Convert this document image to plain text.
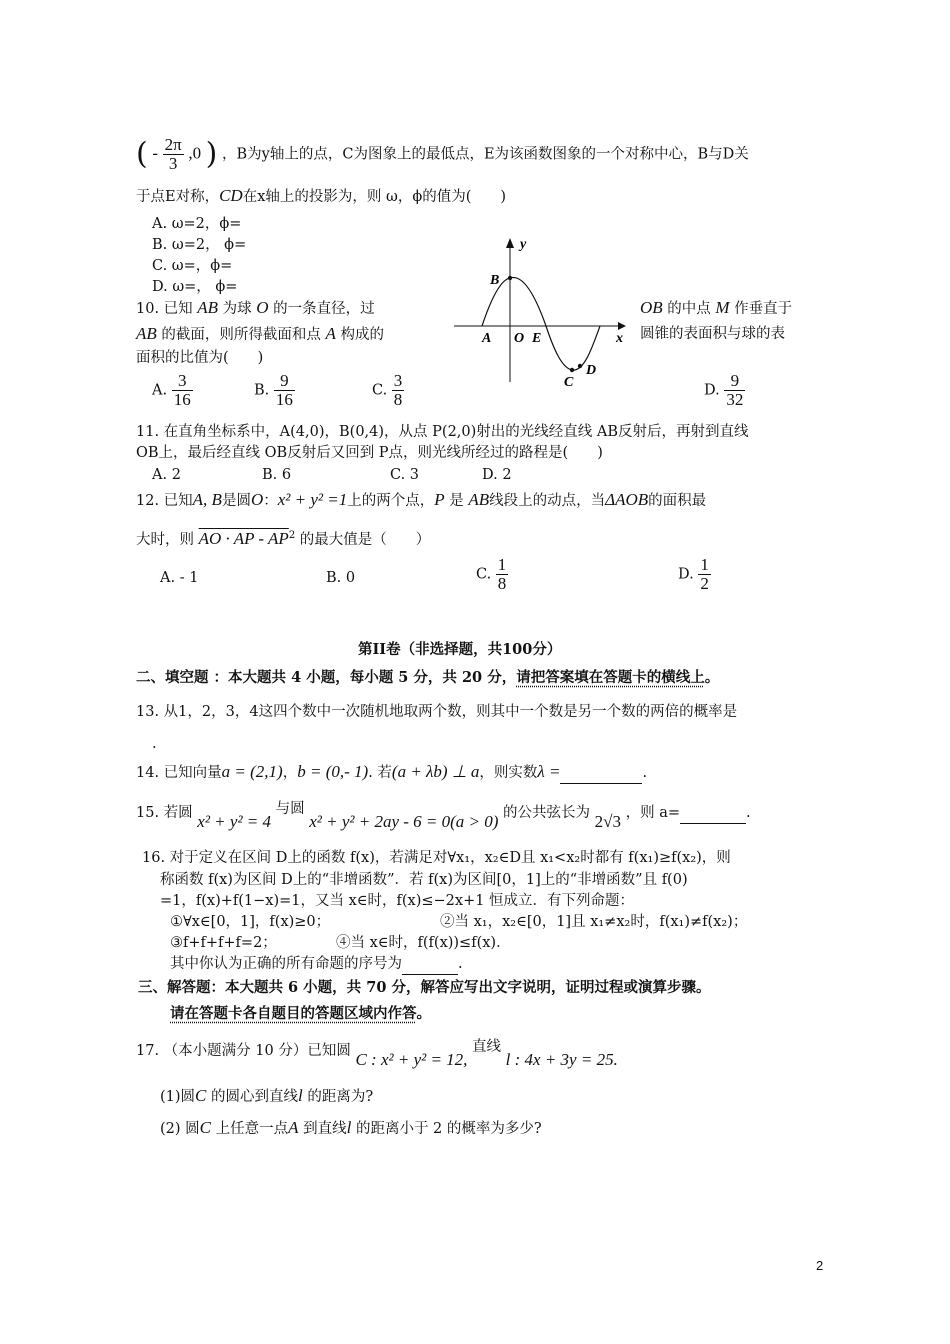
( - $\frac{2\pi}{3} ,0$ ) ，B为y轴上的点，C为图象上的最低点，E为该函数图象的一个对称中心，B与D关
于点E对称，CD在x轴上的投影为，则 ω，ϕ的值为(　　)
A. ω=2，ϕ=
B. ω=2， ϕ=
C. ω=，ϕ=
D. ω=， ϕ=
y
x
B
A O E
C
D
10. 已知 AB 为球 O 的一条直径，过	OB 的中点 M 作垂直于
AB 的截面，则所得截面和点 A 构成的	圆锥的表面积与球的表
面积的比值为(　　)
A. $\frac{3}{16}$	B. $\frac{9}{16}$	C. $\frac{3}{8}$	D. $\frac{9}{32}$
11. 在直角坐标系中，A(4,0)，B(0,4)，从点 P(2,0)射出的光线经直线 AB反射后，再射到直线
OB上，最后经直线 OB反射后又回到 P点，则光线所经过的路程是(　　)
A. 2	B. 6	C. 3	D. 2
12. 已知A, B是圆O：x² + y² =1上的两个点，P 是 AB线段上的动点，当ΔAOB的面积最
大时，则 AO · AP - $AP^2$ 的最大值是（　　）
A. - 1	B. 0	C. $\frac{1}{8}$	D. $\frac{1}{2}$
第II卷（非选择题，共100分）
二、填空题 ：本大题共 4 小题，每小题 5 分，共 20 分，请把答案填在答题卡的横线上。
13. 从1，2，3，4这四个数中一次随机地取两个数，则其中一个数是另一个数的两倍的概率是
.
14. 已知向量a = (2,1)，b = (0,- 1). 若(a + λb) ⊥ a，则实数λ =	.
15. 若圆 x² + y² = 4 与圆 x² + y² + 2ay - 6 = 0(a > 0) 的公共弦长为 2√3 ，则 a=	.
16. 对于定义在区间 D上的函数 f(x)，若满足对∀x₁，x₂∈D且 x₁<x₂时都有 f(x₁)≥f(x₂)，则
称函数 f(x)为区间 D上的“非增函数”．若 f(x)为区间[0，1]上的“非增函数”且 f(0)
=1，f(x)+f(1−x)=1，又当 x∈时，f(x)≤−2x+1 恒成立．有下列命题：
①∀x∈[0，1]，f(x)≥0；	②当 x₁，x₂∈[0，1]且 x₁≠x₂时，f(x₁)≠f(x₂)；
③f+f+f+f=2；	④当 x∈时，f(f(x))≤f(x)．
其中你认为正确的所有命题的序号为	.
三、解答题：本大题共 6 小题，共 70 分，解答应写出文字说明，证明过程或演算步骤。
请在答题卡各自题目的答题区域内作答。
17. （本小题满分 10 分）已知圆 C : x² + y² = 12, 直线 l : 4x + 3y = 25.
(1)圆C 的圆心到直线l 的距离为?
(2) 圆C 上任意一点A 到直线l 的距离小于 2 的概率为多少?
2
